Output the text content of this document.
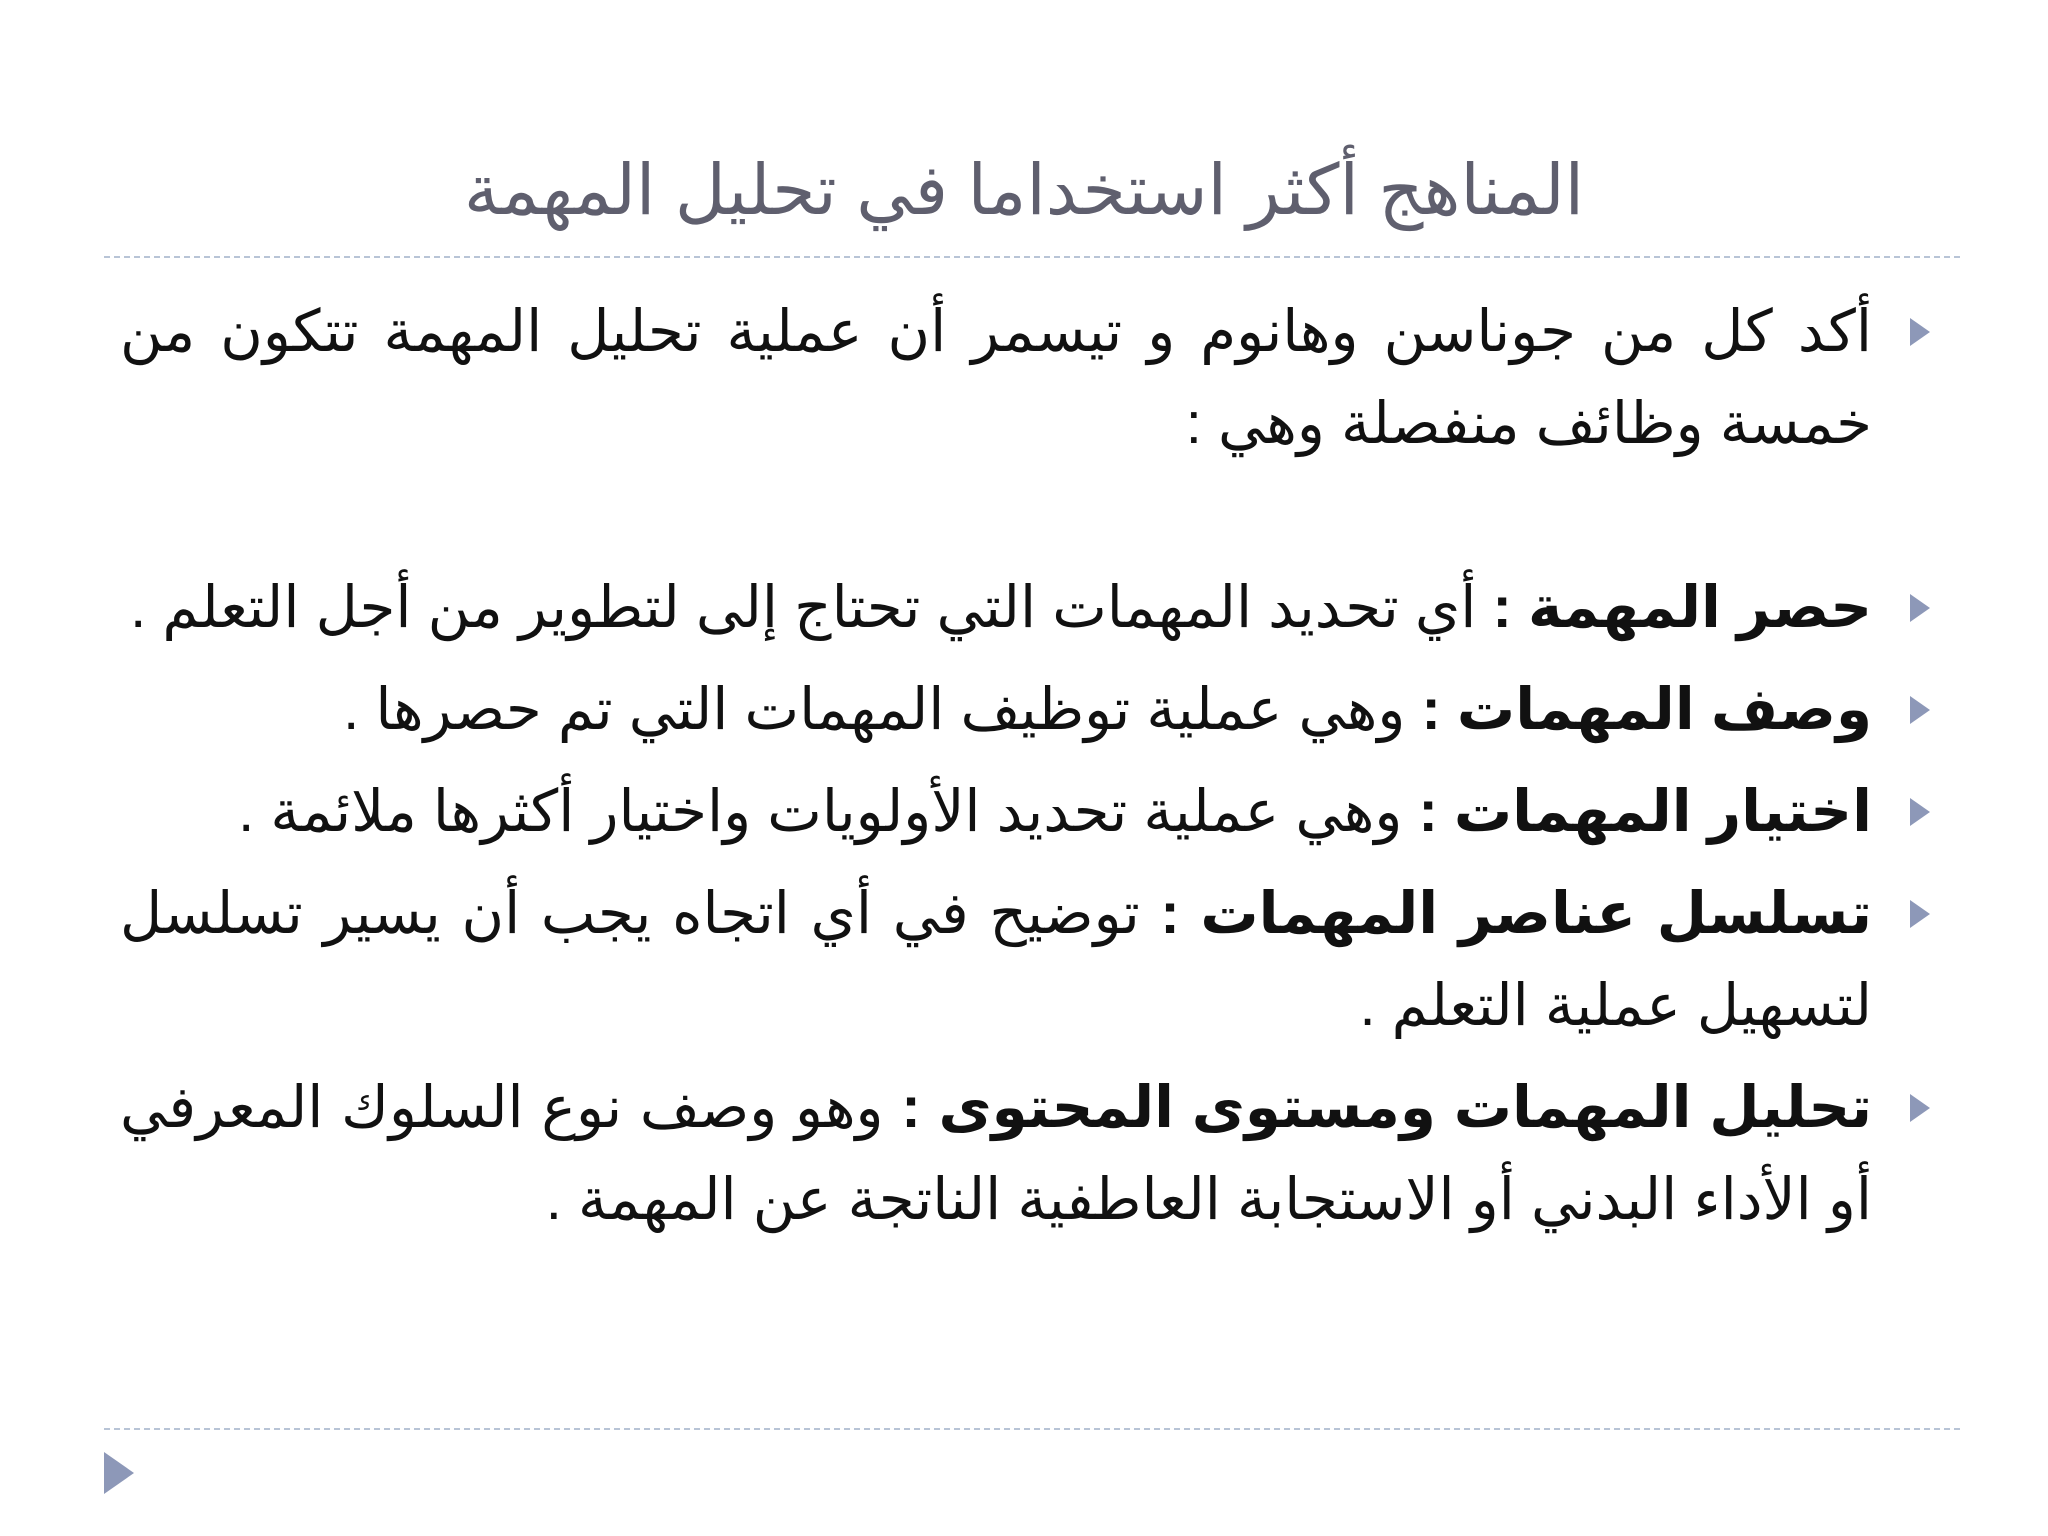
المناهج أكثر استخداما في تحليل المهمة

أكد كل من جوناسن وهانوم و تيسمر أن عملية تحليل المهمة تتكون من خمسة وظائف منفصلة وهي :

حصر المهمة : أي تحديد المهمات التي تحتاج إلى لتطوير من أجل التعلم .

وصف المهمات : وهي عملية توظيف المهمات التي تم حصرها .

اختيار المهمات : وهي عملية تحديد الأولويات واختيار أكثرها ملائمة .

تسلسل عناصر المهمات : توضيح في أي اتجاه يجب أن يسير تسلسل لتسهيل عملية التعلم .

تحليل المهمات ومستوى المحتوى : وهو وصف نوع السلوك المعرفي أو الأداء البدني أو الاستجابة العاطفية الناتجة عن المهمة .
